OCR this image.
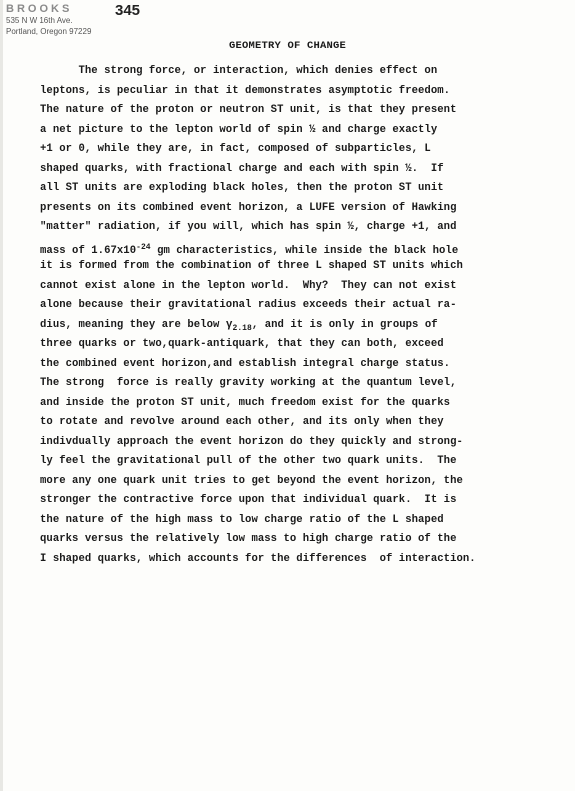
BROOKS
535 N W 16th Ave.
Portland, Oregon 97229
345
GEOMETRY OF CHANGE
The strong force, or interaction, which denies effect on
leptons, is peculiar in that it demonstrates asymptotic freedom.
The nature of the proton or neutron ST unit, is that they present
a net picture to the lepton world of spin ½ and charge exactly
+1 or 0, while they are, in fact, composed of subparticles, L
shaped quarks, with fractional charge and each with spin ½.  If
all ST units are exploding black holes, then the proton ST unit
presents on its combined event horizon, a LUFE version of Hawking
"matter" radiation, if you will, which has spin ½, charge +1, and
mass of $1.67x10^{-24}$ gm characteristics, while inside the black hole
it is formed from the combination of three L shaped ST units which
cannot exist alone in the lepton world.  Why?  They can not exist
alone because their gravitational radius exceeds their actual ra-
dius, meaning they are below $\gamma_{2.18}$, and it is only in groups of
three quarks or two,quark-antiquark, that they can both, exceed
the combined event horizon,and establish integral charge status.
The strong  force is really gravity working at the quantum level,
and inside the proton ST unit, much freedom exist for the quarks
to rotate and revolve around each other, and its only when they
indivdually approach the event horizon do they quickly and strong-
ly feel the gravitational pull of the other two quark units.  The
more any one quark unit tries to get beyond the event horizon, the
stronger the contractive force upon that individual quark.  It is
the nature of the high mass to low charge ratio of the L shaped
quarks versus the relatively low mass to high charge ratio of the
I shaped quarks, which accounts for the differences  of interaction.
